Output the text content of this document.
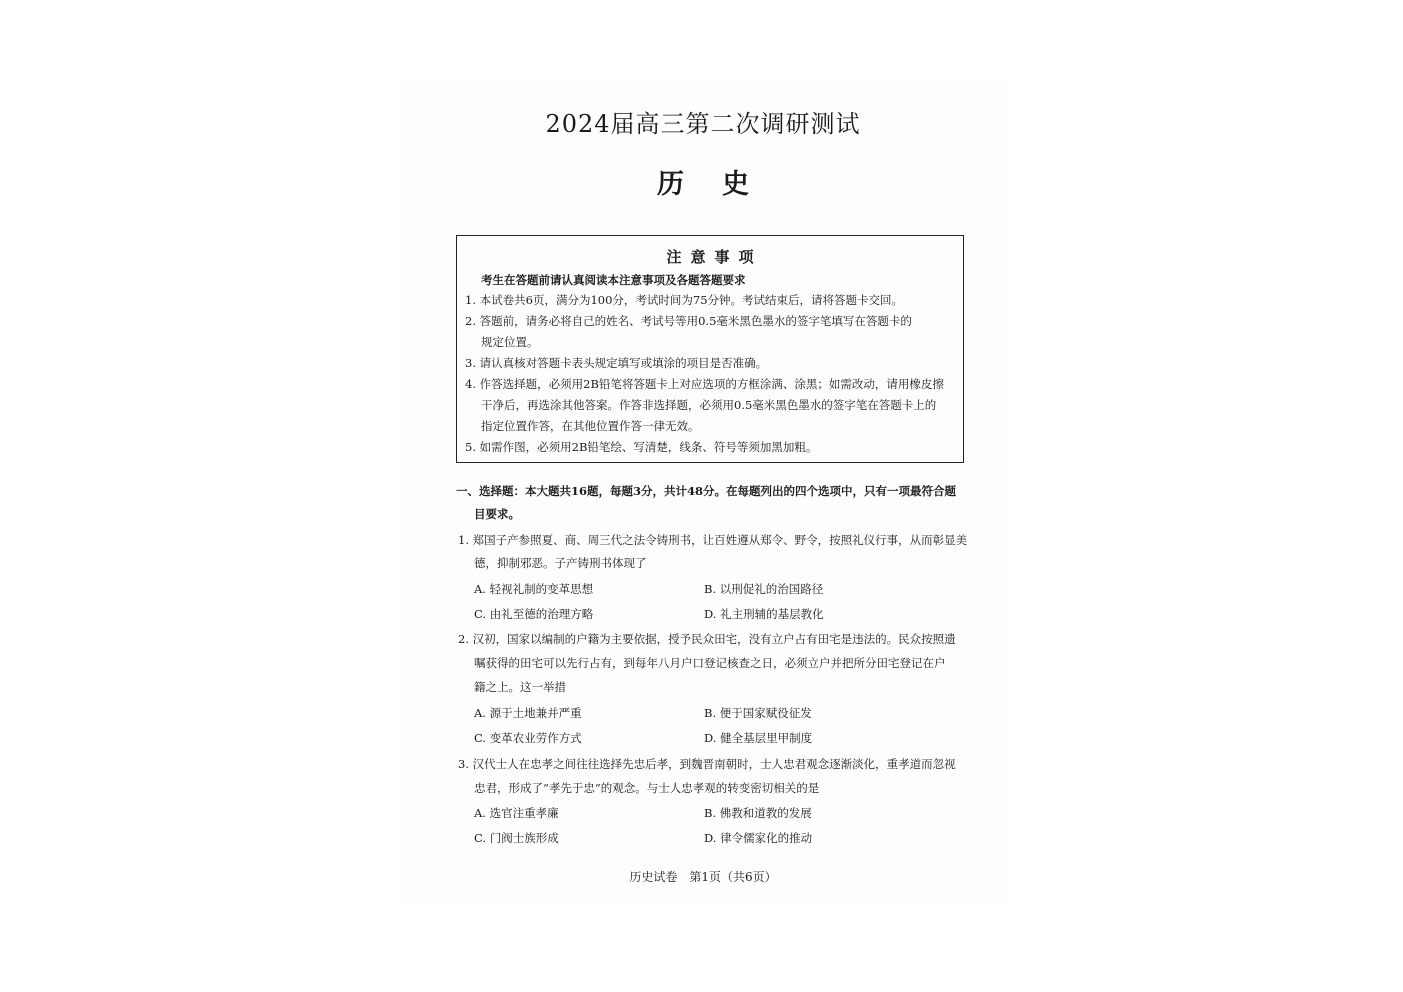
2024届高三第二次调研测试
历史
注意事项
考生在答题前请认真阅读本注意事项及各题答题要求
1. 本试卷共6页，满分为100分，考试时间为75分钟。考试结束后，请将答题卡交回。
2. 答题前，请务必将自己的姓名、考试号等用0.5毫米黑色墨水的签字笔填写在答题卡的
规定位置。
3. 请认真核对答题卡表头规定填写或填涂的项目是否准确。
4. 作答选择题，必须用2B铅笔将答题卡上对应选项的方框涂满、涂黑；如需改动，请用橡皮擦
干净后，再选涂其他答案。作答非选择题，必须用0.5毫米黑色墨水的签字笔在答题卡上的
指定位置作答，在其他位置作答一律无效。
5. 如需作图，必须用2B铅笔绘、写清楚，线条、符号等须加黑加粗。
一、选择题：本大题共16题，每题3分，共计48分。在每题列出的四个选项中，只有一项最符合题
目要求。
1. 郑国子产参照夏、商、周三代之法令铸刑书，让百姓遵从郑令、野令，按照礼仪行事，从而彰显美
德，抑制邪恶。子产铸刑书体现了
A. 轻视礼制的变革思想	B. 以刑促礼的治国路径
C. 由礼至德的治理方略	D. 礼主刑辅的基层教化
2. 汉初，国家以编制的户籍为主要依据，授予民众田宅，没有立户占有田宅是违法的。民众按照遗
嘱获得的田宅可以先行占有，到每年八月户口登记核查之日，必须立户并把所分田宅登记在户
籍之上。这一举措
A. 源于土地兼并严重	B. 便于国家赋役征发
C. 变革农业劳作方式	D. 健全基层里甲制度
3. 汉代士人在忠孝之间往往选择先忠后孝，到魏晋南朝时，士人忠君观念逐渐淡化，重孝道而忽视
忠君，形成了“孝先于忠”的观念。与士人忠孝观的转变密切相关的是
A. 选官注重孝廉	B. 佛教和道教的发展
C. 门阀士族形成	D. 律令儒家化的推动
历史试卷　第1页（共6页）
